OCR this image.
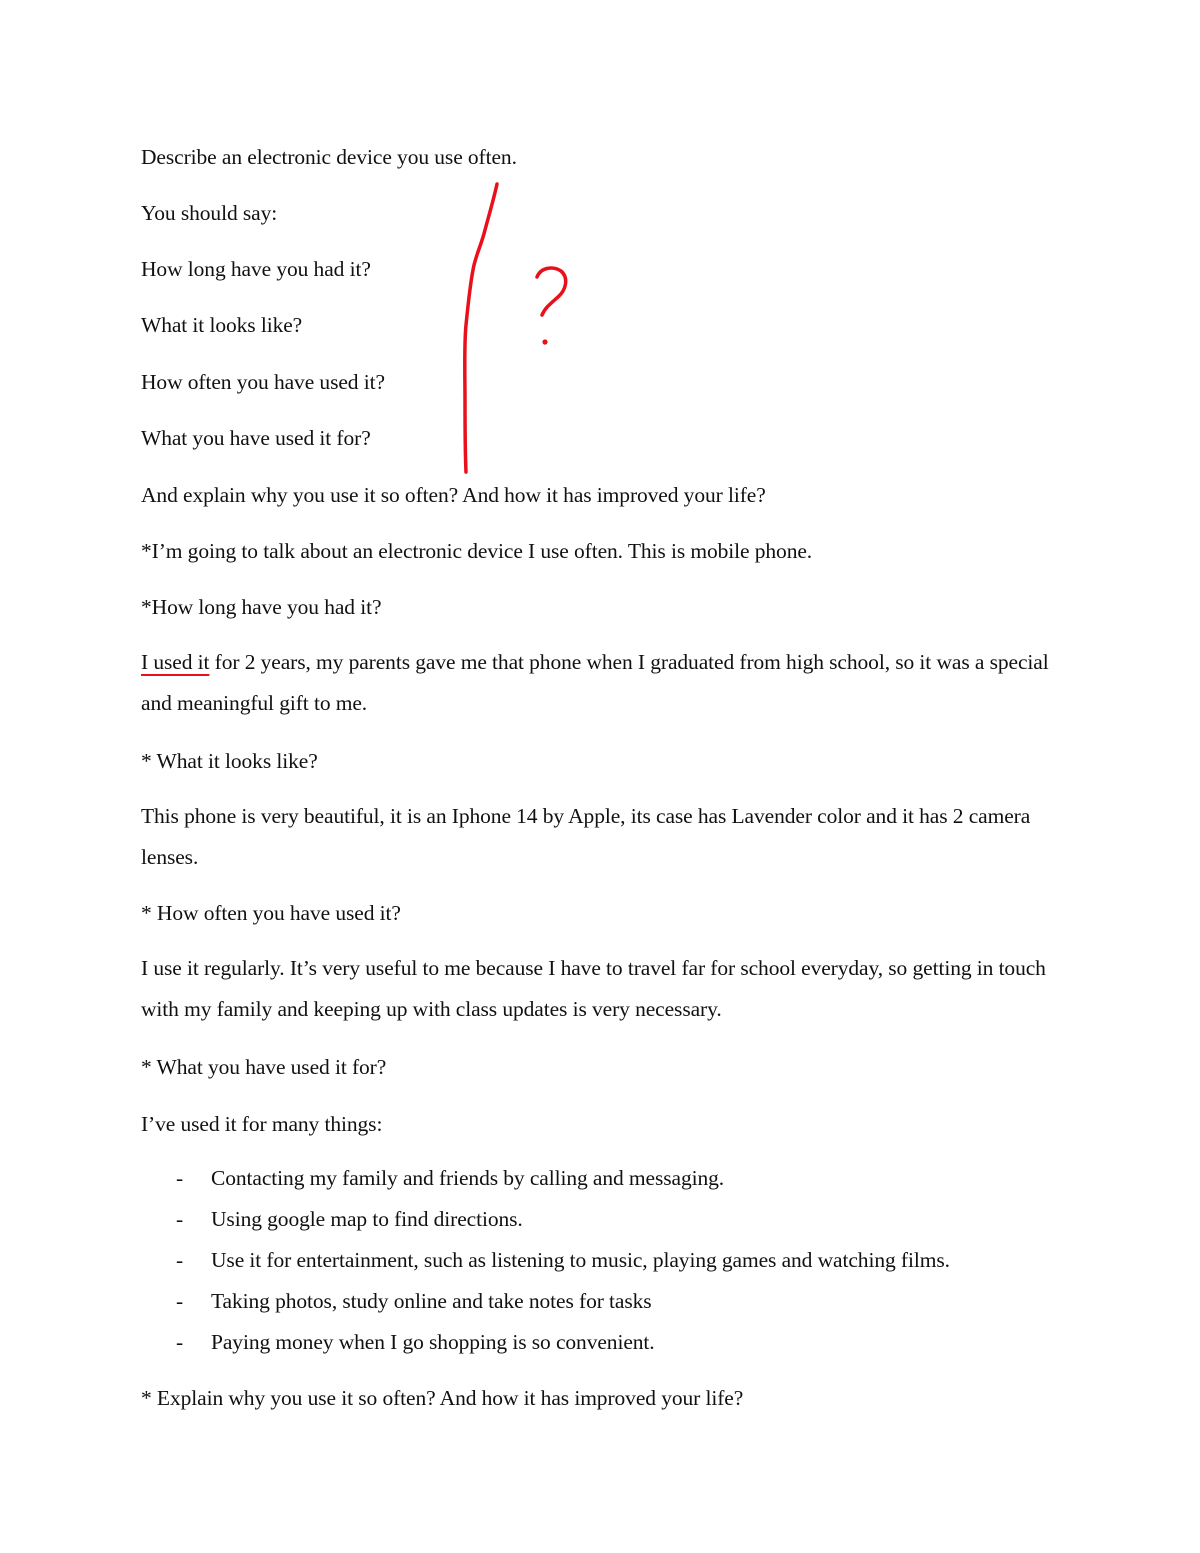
Describe an electronic device you use often.
You should say:
How long have you had it?
What it looks like?
How often you have used it?
What you have used it for?
And explain why you use it so often? And how it has improved your life?
*I’m going to talk about an electronic device I use often. This is mobile phone.
*How long have you had it?
I used it for 2 years, my parents gave me that phone when I graduated from high school, so it was a special and meaningful gift to me.
* What it looks like?
This phone is very beautiful, it is an Iphone 14 by Apple, its case has Lavender color and it has 2 camera lenses.
* How often you have used it?
I use it regularly. It’s very useful to me because I have to travel far for school everyday, so getting in touch with my family and keeping up with class updates is very necessary.
* What you have used it for?
I’ve used it for many things:
- Contacting my family and friends by calling and messaging.
- Using google map to find directions.
- Use it for entertainment, such as listening to music, playing games and watching films.
- Taking photos, study online and take notes for tasks
- Paying money when I go shopping is so convenient.
* Explain why you use it so often? And how it has improved your life?
